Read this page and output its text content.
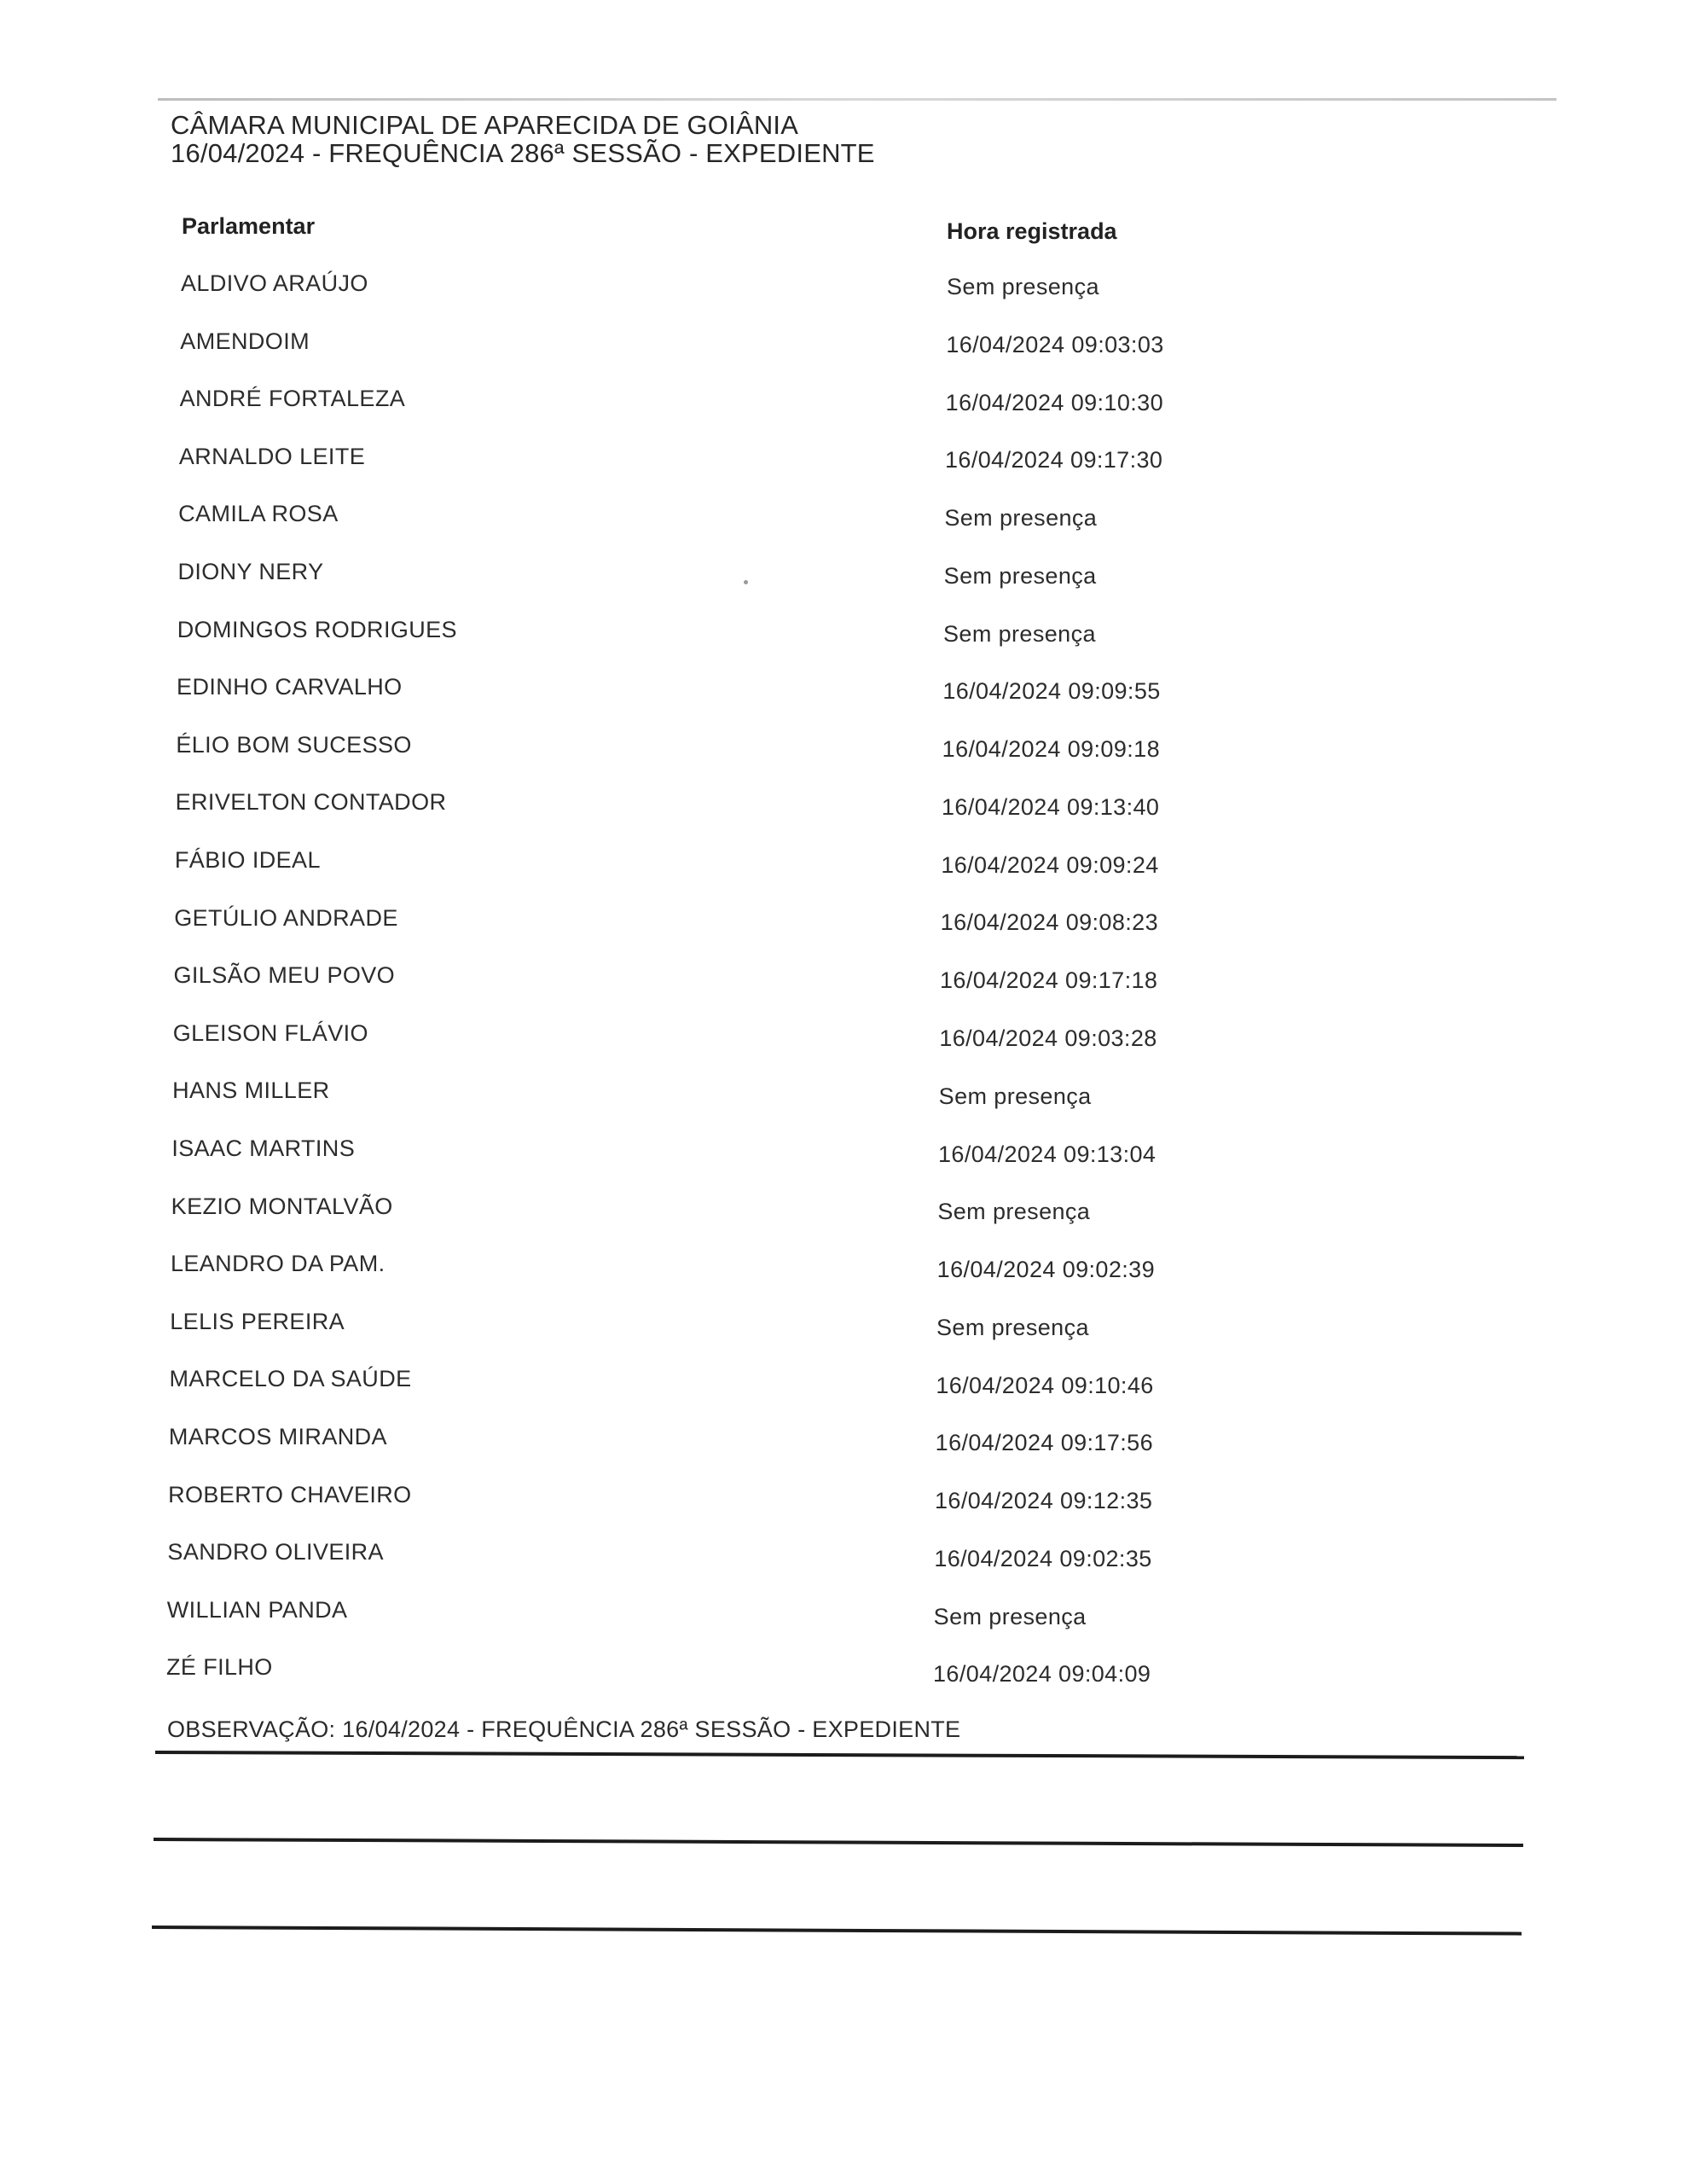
CÂMARA MUNICIPAL DE APARECIDA DE GOIÂNIA
16/04/2024 - FREQUÊNCIA 286ª SESSÃO - EXPEDIENTE
Parlamentar	Hora registrada
ALDIVO ARAÚJO	Sem presença
AMENDOIM	16/04/2024 09:03:03
ANDRÉ FORTALEZA	16/04/2024 09:10:30
ARNALDO LEITE	16/04/2024 09:17:30
CAMILA ROSA	Sem presença
DIONY NERY	Sem presença
DOMINGOS RODRIGUES	Sem presença
EDINHO CARVALHO	16/04/2024 09:09:55
ÉLIO BOM SUCESSO	16/04/2024 09:09:18
ERIVELTON CONTADOR	16/04/2024 09:13:40
FÁBIO IDEAL	16/04/2024 09:09:24
GETÚLIO ANDRADE	16/04/2024 09:08:23
GILSÃO MEU POVO	16/04/2024 09:17:18
GLEISON FLÁVIO	16/04/2024 09:03:28
HANS MILLER	Sem presença
ISAAC MARTINS	16/04/2024 09:13:04
KEZIO MONTALVÃO	Sem presença
LEANDRO DA PAM.	16/04/2024 09:02:39
LELIS PEREIRA	Sem presença
MARCELO DA SAÚDE	16/04/2024 09:10:46
MARCOS MIRANDA	16/04/2024 09:17:56
ROBERTO CHAVEIRO	16/04/2024 09:12:35
SANDRO OLIVEIRA	16/04/2024 09:02:35
WILLIAN PANDA	Sem presença
ZÉ FILHO	16/04/2024 09:04:09
OBSERVAÇÃO: 16/04/2024 - FREQUÊNCIA 286ª SESSÃO - EXPEDIENTE
